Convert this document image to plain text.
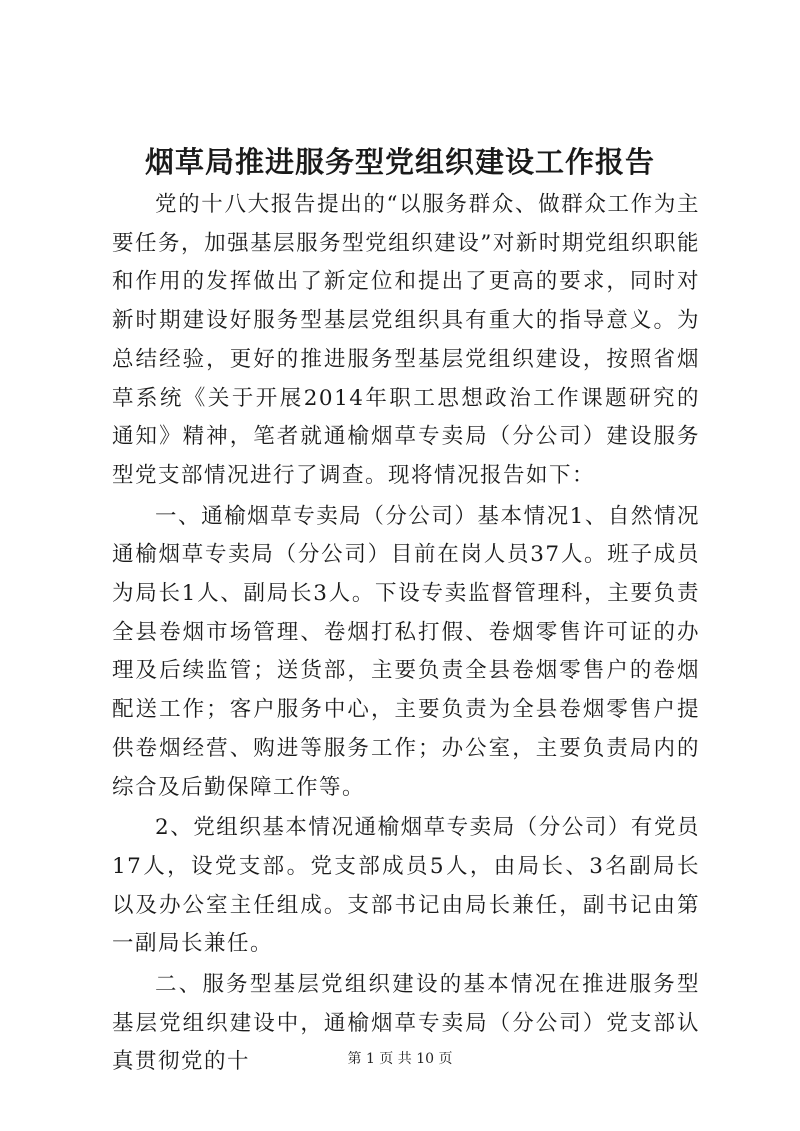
烟草局推进服务型党组织建设工作报告

党的十八大报告提出的“以服务群众、做群众工作为主要任务，加强基层服务型党组织建设”对新时期党组织职能和作用的发挥做出了新定位和提出了更高的要求，同时对新时期建设好服务型基层党组织具有重大的指导意义。为总结经验，更好的推进服务型基层党组织建设，按照省烟草系统《关于开展2014年职工思想政治工作课题研究的通知》精神，笔者就通榆烟草专卖局（分公司）建设服务型党支部情况进行了调查。现将情况报告如下：

一、通榆烟草专卖局（分公司）基本情况1、自然情况通榆烟草专卖局（分公司）目前在岗人员37人。班子成员为局长1人、副局长3人。下设专卖监督管理科，主要负责全县卷烟市场管理、卷烟打私打假、卷烟零售许可证的办理及后续监管；送货部，主要负责全县卷烟零售户的卷烟配送工作；客户服务中心，主要负责为全县卷烟零售户提供卷烟经营、购进等服务工作；办公室，主要负责局内的综合及后勤保障工作等。

2、党组织基本情况通榆烟草专卖局（分公司）有党员17人，设党支部。党支部成员5人，由局长、3名副局长以及办公室主任组成。支部书记由局长兼任，副书记由第一副局长兼任。

二、服务型基层党组织建设的基本情况在推进服务型基层党组织建设中，通榆烟草专卖局（分公司）党支部认真贯彻党的十	第 1 页 共 10 页
